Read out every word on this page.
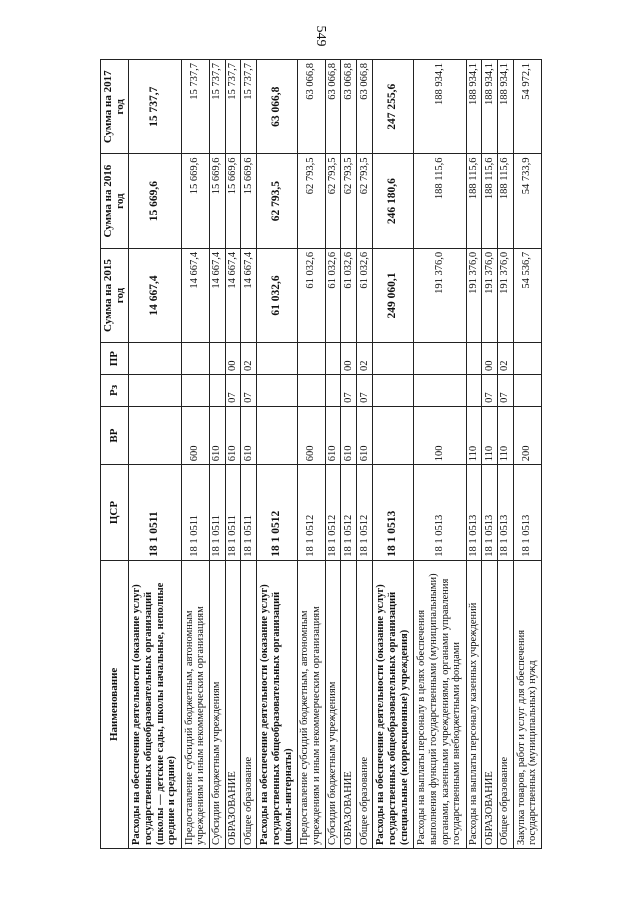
549
Наименование	ЦСР	ВР	Рз	ПР	Сумма на 2015 год	Сумма на 2016 год	Сумма на 2017 год
Расходы на обеспечение деятельности (оказание услуг) государственных общеобразовательных организаций (школы — детские сады, школы начальные, неполные средние и средние)	18 1 0511				14 667,4	15 669,6	15 737,7
Предоставление субсидий бюджетным, автономным учреждениям и иным некоммерческим организациям	18 1 0511	600			14 667,4	15 669,6	15 737,7
Субсидии бюджетным учреждениям	18 1 0511	610			14 667,4	15 669,6	15 737,7
ОБРАЗОВАНИЕ	18 1 0511	610	07	00	14 667,4	15 669,6	15 737,7
Общее образование	18 1 0511	610	07	02	14 667,4	15 669,6	15 737,7
Расходы на обеспечение деятельности (оказание услуг) государственных общеобразовательных организаций (школы-интернаты)	18 1 0512				61 032,6	62 793,5	63 066,8
Предоставление субсидий бюджетным, автономным учреждениям и иным некоммерческим организациям	18 1 0512	600			61 032,6	62 793,5	63 066,8
Субсидии бюджетным учреждениям	18 1 0512	610			61 032,6	62 793,5	63 066,8
ОБРАЗОВАНИЕ	18 1 0512	610	07	00	61 032,6	62 793,5	63 066,8
Общее образование	18 1 0512	610	07	02	61 032,6	62 793,5	63 066,8
Расходы на обеспечение деятельности (оказание услуг) государственных общеобразовательных организаций (специальные (коррекционные) учреждения)	18 1 0513				249 060,1	246 180,6	247 255,6
Расходы на выплаты персоналу в целях обеспечения выполнения функций государственными (муниципальными) органами, казенными учреждениями, органами управления государственными внебюджетными фондами	18 1 0513	100			191 376,0	188 115,6	188 934,1
Расходы на выплаты персоналу казенных учреждений	18 1 0513	110			191 376,0	188 115,6	188 934,1
ОБРАЗОВАНИЕ	18 1 0513	110	07	00	191 376,0	188 115,6	188 934,1
Общее образование	18 1 0513	110	07	02	191 376,0	188 115,6	188 934,1
Закупка товаров, работ и услуг для обеспечения государственных (муниципальных) нужд	18 1 0513	200			54 536,7	54 733,9	54 972,1
